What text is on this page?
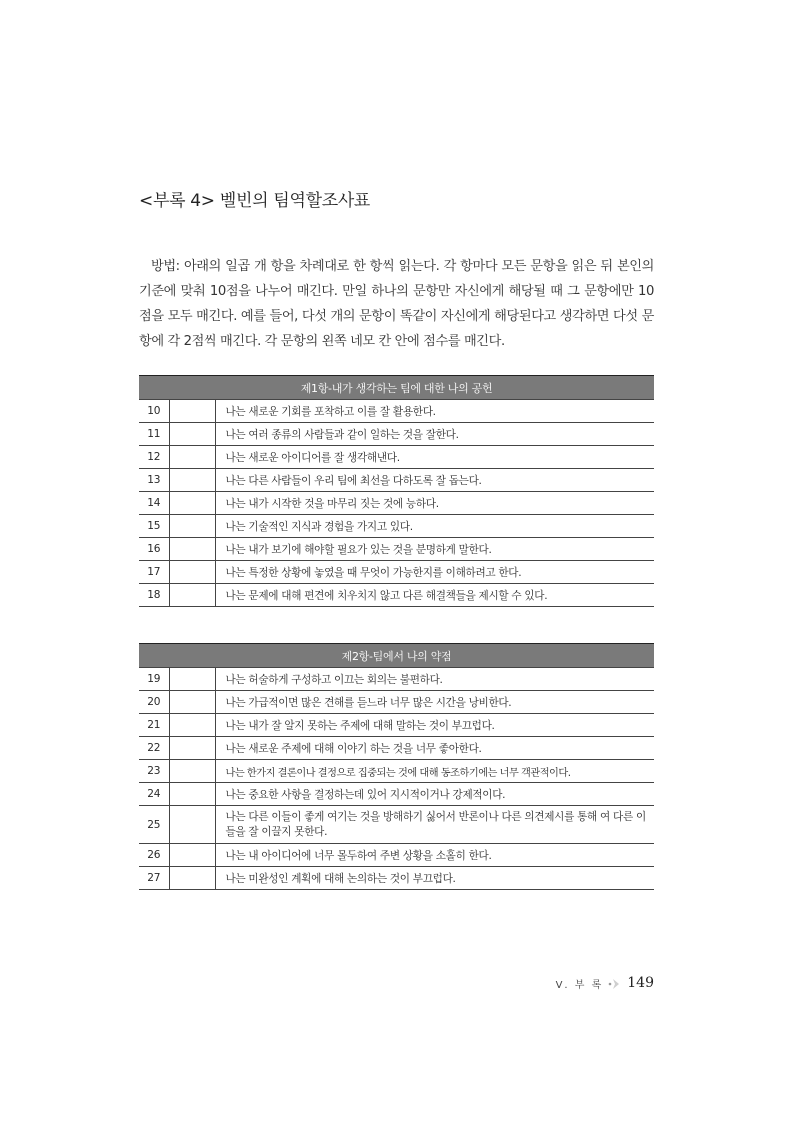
<부록 4> 벨빈의 팀역할조사표

방법: 아래의 일곱 개 항을 차례대로 한 항씩 읽는다. 각 항마다 모든 문항을 읽은 뒤 본인의 기준에 맞춰 10점을 나누어 매긴다. 만일 하나의 문항만 자신에게 해당될 때 그 문항에만 10점을 모두 매긴다. 예를 들어, 다섯 개의 문항이 똑같이 자신에게 해당된다고 생각하면 다섯 문항에 각 2점씩 매긴다. 각 문항의 왼쪽 네모 칸 안에 점수를 매긴다.

제1항-내가 생각하는 팀에 대한 나의 공헌		
10		나는 새로운 기회를 포착하고 이를 잘 활용한다.
11		나는 여러 종류의 사람들과 같이 일하는 것을 잘한다.
12		나는 새로운 아이디어를 잘 생각해낸다.
13		나는 다른 사람들이 우리 팀에 최선을 다하도록 잘 돕는다.
14		나는 내가 시작한 것을 마무리 짓는 것에 능하다.
15		나는 기술적인 지식과 경험을 가지고 있다.
16		나는 내가 보기에 해야할 필요가 있는 것을 분명하게 말한다.
17		나는 특정한 상황에 놓였을 때 무엇이 가능한지를 이해하려고 한다.
18		나는 문제에 대해 편견에 치우치지 않고 다른 해결책들을 제시할 수 있다.
제2항-팀에서 나의 약점		
19		나는 허술하게 구성하고 이끄는 회의는 불편하다.
20		나는 가급적이면 많은 견해를 듣느라 너무 많은 시간을 낭비한다.
21		나는 내가 잘 알지 못하는 주제에 대해 말하는 것이 부끄럽다.
22		나는 새로운 주제에 대해 이야기 하는 것을 너무 좋아한다.
23		나는 한가지 결론이나 결정으로 집중되는 것에 대해 동조하기에는 너무 객관적이다.
24		나는 중요한 사항을 결정하는데 있어 지시적이거나 강제적이다.
25		나는 다른 이들이 좋게 여기는 것을 방해하기 싫어서 반론이나 다른 의견제시를 통해 여 다른 이들을 잘 이끌지 못한다.
26		나는 내 아이디어에 너무 몰두하여 주변 상황을 소홀히 한다.
27		나는 미완성인 계획에 대해 논의하는 것이 부끄럽다.
Ⅴ. 부 록 149
